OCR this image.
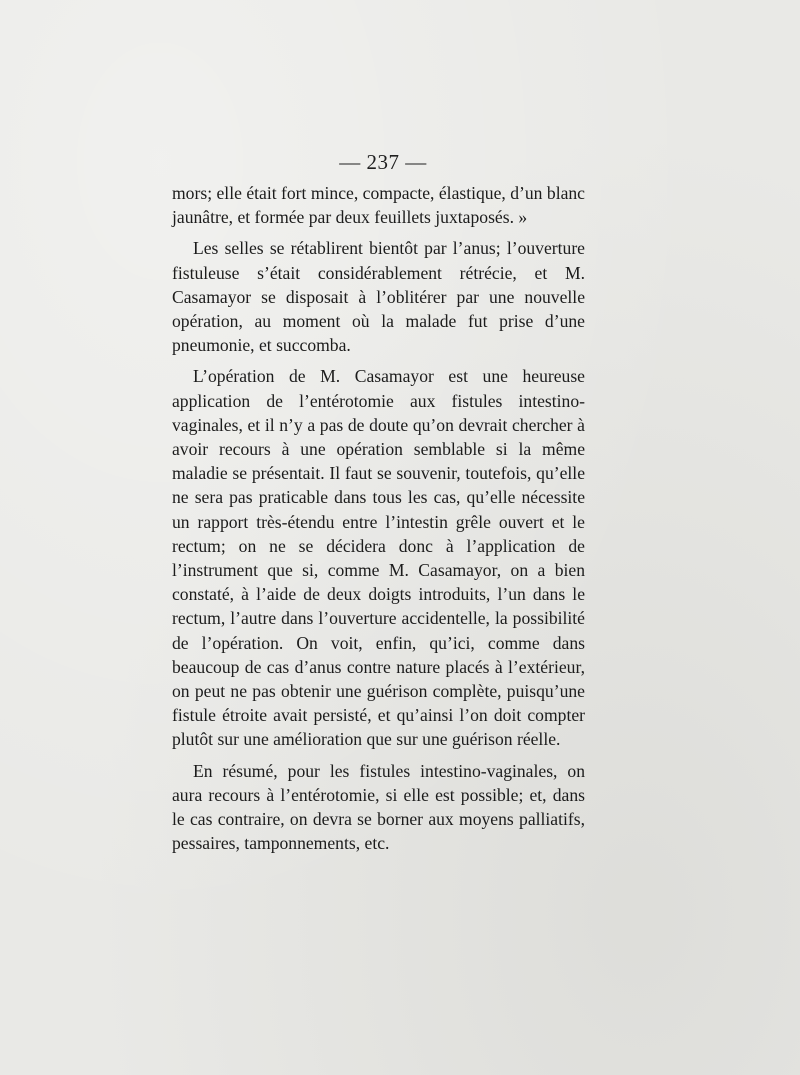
— 237 —

mors; elle était fort mince, compacte, élastique, d’un blanc jaunâtre, et formée par deux feuillets juxtaposés. »

Les selles se rétablirent bientôt par l’anus; l’ouverture fistuleuse s’était considérablement rétrécie, et M. Casamayor se disposait à l’oblitérer par une nouvelle opération, au moment où la malade fut prise d’une pneumonie, et succomba.

L’opération de M. Casamayor est une heureuse application de l’entérotomie aux fistules intestino-vaginales, et il n’y a pas de doute qu’on devrait chercher à avoir recours à une opération semblable si la même maladie se présentait. Il faut se souvenir, toutefois, qu’elle ne sera pas praticable dans tous les cas, qu’elle nécessite un rapport très-étendu entre l’intestin grêle ouvert et le rectum; on ne se décidera donc à l’application de l’instrument que si, comme M. Casamayor, on a bien constaté, à l’aide de deux doigts introduits, l’un dans le rectum, l’autre dans l’ouverture accidentelle, la possibilité de l’opération. On voit, enfin, qu’ici, comme dans beaucoup de cas d’anus contre nature placés à l’extérieur, on peut ne pas obtenir une guérison complète, puisqu’une fistule étroite avait persisté, et qu’ainsi l’on doit compter plutôt sur une amélioration que sur une guérison réelle.

En résumé, pour les fistules intestino-vaginales, on aura recours à l’entérotomie, si elle est possible; et, dans le cas contraire, on devra se borner aux moyens palliatifs, pessaires, tamponnements, etc.
